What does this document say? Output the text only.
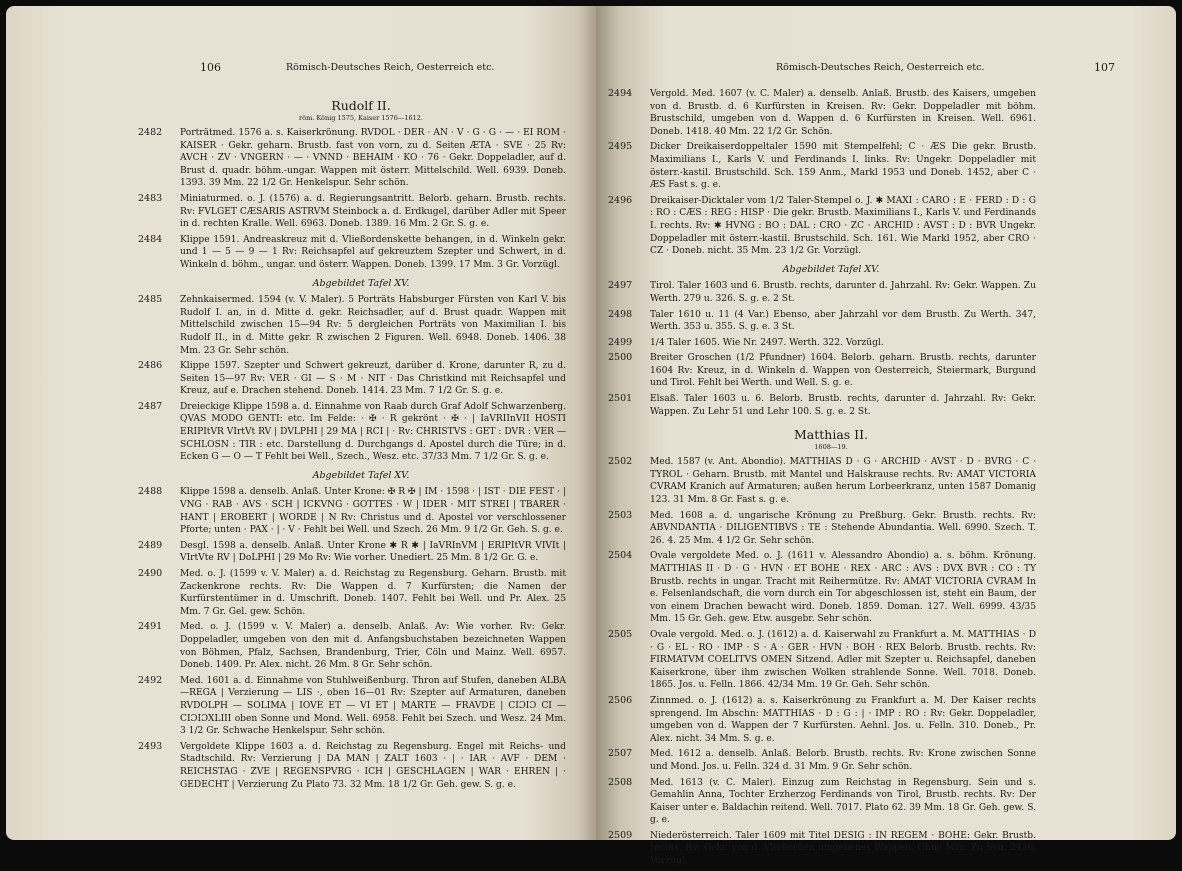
106	Römisch-Deutsches Reich, Oesterreich etc.

Rudolf II.

röm. König 1575, Kaiser 1576—1612.

2482 Porträtmed. 1576 a. s. Kaiserkrönung. RVDOL · DER · AN · V · G · G · — · EI ROM · KAISER · Gekr. geharn. Brustb. fast von vorn, zu d. Seiten ÆTA · SVE · 25 Rv: AVCH · ZV · VNGERN · — · VNND · BEHAIM · KO · 76 · Gekr. Doppeladler, auf d. Brust d. quadr. böhm.-ungar. Wappen mit österr. Mittelschild. Well. 6939. Doneb. 1393. 39 Mm. 22 1/2 Gr. Henkelspur. Sehr schön.

2483 Miniaturmed. o. J. (1576) a. d. Regierungsantritt. Belorb. geharn. Brustb. rechts. Rv: FVLGET CÆSARIS ASTRVM Steinbock a. d. Erdkugel, darüber Adler mit Speer in d. rechten Kralle. Well. 6963. Doneb. 1389. 16 Mm. 2 Gr. S. g. e.

2484 Klippe 1591. Andreaskreuz mit d. Vließordenskette behangen, in d. Winkeln gekr. und 1 — 5 — 9 — 1 Rv: Reichsapfel auf gekreuztem Szepter und Schwert, in d. Winkeln d. böhm., ungar. und österr. Wappen. Doneb. 1399. 17 Mm. 3 Gr. Vorzügl.

Abgebildet Tafel XV.

2485 Zehnkaisermed. 1594 (v. V. Maler). 5 Porträts Habsburger Fürsten von Karl V. bis Rudolf I. an, in d. Mitte d. gekr. Reichsadler, auf d. Brust quadr. Wappen mit Mittelschild zwischen 15—94 Rv: 5 dergleichen Porträts von Maximilian I. bis Rudolf II., in d. Mitte gekr. R zwischen 2 Figuren. Well. 6948. Doneb. 1406. 38 Mm. 23 Gr. Sehr schön.

2486 Klippe 1597. Szepter und Schwert gekreuzt, darüber d. Krone, darunter R, zu d. Seiten 15—97 Rv: VER · GI — S · M · NIT · Das Christkind mit Reichsapfel und Kreuz, auf e. Drachen stehend. Doneb. 1414. 23 Mm. 7 1/2 Gr. S. g. e.

2487 Dreieckige Klippe 1598 a. d. Einnahme von Raab durch Graf Adolf Schwarzenberg. QVAS MODO GENTI: etc. Im Felde: · ✠ · R gekrönt · ✠ · | IaVRIInVII HOSTI ERIPItVR VIrtVt RV | DVLPHI | 29 MA | RCI | · Rv: CHRISTVS : GET : DVR : VER — SCHLOSN : TIR : etc. Darstellung d. Durchgangs d. Apostel durch die Türe; in d. Ecken G — O — T Fehlt bei Well., Szech., Wesz. etc. 37/33 Mm. 7 1/2 Gr. S. g. e.

Abgebildet Tafel XV.

2488 Klippe 1598 a. denselb. Anlaß. Unter Krone: ✠ R ✠ | IM · 1598 · | IST · DIE FEST · | VNG · RAB · AVS · SCH | ICKVNG · GOTTES · W | IDER · MIT STREI | TBARER · HANT | EROBERT | WORDE | N Rv: Christus und d. Apostel vor verschlossener Pforte; unten · PAX · | · V · Fehlt bei Well. und Szech. 26 Mm. 9 1/2 Gr. Geh. S. g. e.

2489 Desgl. 1598 a. denselb. Anlaß. Unter Krone ✱ R ✱ | IaVRInVM | ERIPItVR VIVIt | VIrtVte RV | DoLPHI | 29 Mo Rv: Wie vorher. Unediert. 25 Mm. 8 1/2 Gr. G. e.

2490 Med. o. J. (1599 v. V. Maler) a. d. Reichstag zu Regensburg. Geharn. Brustb. mit Zackenkrone rechts. Rv: Die Wappen d. 7 Kurfürsten; die Namen der Kurfürstentümer in d. Umschrift. Doneb. 1407. Fehlt bei Well. und Pr. Alex. 25 Mm. 7 Gr. Gel. gew. Schön.

2491 Med. o. J. (1599 v. V. Maler) a. denselb. Anlaß. Av: Wie vorher. Rv: Gekr. Doppeladler, umgeben von den mit d. Anfangsbuchstaben bezeichneten Wappen von Böhmen, Pfalz, Sachsen, Brandenburg, Trier, Cöln und Mainz. Well. 6957. Doneb. 1409. Pr. Alex. nicht. 26 Mm. 8 Gr. Sehr schön.

2492 Med. 1601 a. d. Einnahme von Stuhlweißenburg. Thron auf Stufen, daneben ALBA—REGA | Verzierung — LIS ·, oben 16—01 Rv: Szepter auf Armaturen, daneben RVDOLPH — SOLIMA | IOVE ET — VI ET | MARTE — FRAVDE | CIƆIƆ CI — CIƆIƆXLIII oben Sonne und Mond. Well. 6958. Fehlt bei Szech. und Wesz. 24 Mm. 3 1/2 Gr. Schwache Henkelspur. Sehr schön.

2493 Vergoldete Klippe 1603 a. d. Reichstag zu Regensburg. Engel mit Reichs- und Stadtschild. Rv: Verzierung | DA MAN | ZALT 1603 · | · IAR · AVF · DEM · REICHSTAG · ZVE | REGENSPVRG · ICH | GESCHLAGEN | WAR · EHREN | · GEDECHT | Verzierung Zu Plato 73. 32 Mm. 18 1/2 Gr. Geh. gew. S. g. e.

Römisch-Deutsches Reich, Oesterreich etc.	107

2494 Vergold. Med. 1607 (v. C. Maler) a. denselb. Anlaß. Brustb. des Kaisers, umgeben von d. Brustb. d. 6 Kurfürsten in Kreisen. Rv: Gekr. Doppeladler mit böhm. Brustschild, umgeben von d. Wappen d. 6 Kurfürsten in Kreisen. Well. 6961. Doneb. 1418. 40 Mm. 22 1/2 Gr. Schön.

2495 Dicker Dreikaiserdoppeltaler 1590 mit Stempelfehl; C · ÆS Die gekr. Brustb. Maximilians I., Karls V. und Ferdinands I. links. Rv: Ungekr. Doppeladler mit österr.-kastil. Brustschild. Sch. 159 Anm., Markl 1953 und Doneb. 1452, aber C · ÆS Fast s. g. e.

2496 Dreikaiser-Dicktaler vom 1/2 Taler-Stempel o. J. ✱ MAXI : CARO : E · FERD : D : G : RO : CÆS : REG : HISP · Die gekr. Brustb. Maximilians I., Karls V. und Ferdinands I. rechts. Rv: ✱ HVNG : BO : DAL : CRO · ZC · ARCHID : AVST : D : BVR Ungekr. Doppeladler mit österr.-kastil. Brustschild. Sch. 161. Wie Markl 1952, aber CRO · CZ · Doneb. nicht. 35 Mm. 23 1/2 Gr. Vorzügl.

Abgebildet Tafel XV.

2497 Tirol. Taler 1603 und 6. Brustb. rechts, darunter d. Jahrzahl. Rv: Gekr. Wappen. Zu Werth. 279 u. 326. S. g. e. 2 St.

2498 Taler 1610 u. 11 (4 Var.) Ebenso, aber Jahrzahl vor dem Brustb. Zu Werth. 347, Werth. 353 u. 355. S. g. e. 3 St.

2499 1/4 Taler 1605. Wie Nr. 2497. Werth. 322. Vorzügl.

2500 Breiter Groschen (1/2 Pfundner) 1604. Belorb. geharn. Brustb. rechts, darunter 1604 Rv: Kreuz, in d. Winkeln d. Wappen von Oesterreich, Steiermark, Burgund und Tirol. Fehlt bei Werth. und Well. S. g. e.

2501 Elsaß. Taler 1603 u. 6. Belorb. Brustb. rechts, darunter d. Jahrzahl. Rv: Gekr. Wappen. Zu Lehr 51 und Lehr 100. S. g. e. 2 St.

Matthias II.

1608—19.

2502 Med. 1587 (v. Ant. Abondio). MATTHIAS D · G · ARCHID · AVST · D · BVRG · C · TYROL · Geharn. Brustb. mit Mantel und Halskrause rechts. Rv: AMAT VICTORIA CVRAM Kranich auf Armaturen; außen herum Lorbeerkranz, unten 1587 Domanig 123. 31 Mm. 8 Gr. Fast s. g. e.

2503 Med. 1608 a. d. ungarische Krönung zu Preßburg. Gekr. Brustb. rechts. Rv: ABVNDANTIA · DILIGENTIBVS : TE : Stehende Abundantia. Well. 6990. Szech. T. 26. 4. 25 Mm. 4 1/2 Gr. Sehr schön.

2504 Ovale vergoldete Med. o. J. (1611 v. Alessandro Abondio) a. s. böhm. Krönung. MATTHIAS II · D · G · HVN · ET BOHE · REX · ARC : AVS : DVX BVR : CO : TY Brustb. rechts in ungar. Tracht mit Reihermütze. Rv: AMAT VICTORIA CVRAM In e. Felsenlandschaft, die vorn durch ein Tor abgeschlossen ist, steht ein Baum, der von einem Drachen bewacht wird. Doneb. 1859. Doman. 127. Well. 6999. 43/35 Mm. 15 Gr. Geh. gew. Etw. ausgebr. Sehr schön.

2505 Ovale vergold. Med. o. J. (1612) a. d. Kaiserwahl zu Frankfurt a. M. MATTHIAS · D · G · EL · RO · IMP · S · A · GER · HVN · BOH · REX Belorb. Brustb. rechts. Rv: FIRMATVM COELITVS OMEN Sitzend. Adler mit Szepter u. Reichsapfel, daneben Kaiserkrone, über ihm zwischen Wolken strahlende Sonne. Well. 7018. Doneb. 1865. Jos. u. Felln. 1866. 42/34 Mm. 19 Gr. Geh. Sehr schön.

2506 Zinnmed. o. J. (1612) a. s. Kaiserkrönung zu Frankfurt a. M. Der Kaiser rechts sprengend. Im Abschn: MATTHIAS · D : G : | · IMP : RO : Rv: Gekr. Doppeladler, umgeben von d. Wappen der 7 Kurfürsten. Aehnl. Jos. u. Felln. 310. Doneb., Pr. Alex. nicht. 34 Mm. S. g. e.

2507 Med. 1612 a. denselb. Anlaß. Belorb. Brustb. rechts. Rv: Krone zwischen Sonne und Mond. Jos. u. Felln. 324 d. 31 Mm. 9 Gr. Sehr schön.

2508 Med. 1613 (v. C. Maler). Einzug zum Reichstag in Regensburg. Sein und s. Gemahlin Anna, Tochter Erzherzog Ferdinands von Tirol, Brustb. rechts. Rv: Der Kaiser unter e. Baldachin reitend. Well. 7017. Plato 62. 39 Mm. 18 Gr. Geh. gew. S. g. e.

2509 Niederösterreich. Taler 1609 mit Titel DESIG : IN REGEM · BOHE: Gekr. Brustb. rechts. Rv: Gekr. von d. Vließorden umgebenes Wappen. Ohne Mzz. Zu Sch. 2436. Vorzügl.
